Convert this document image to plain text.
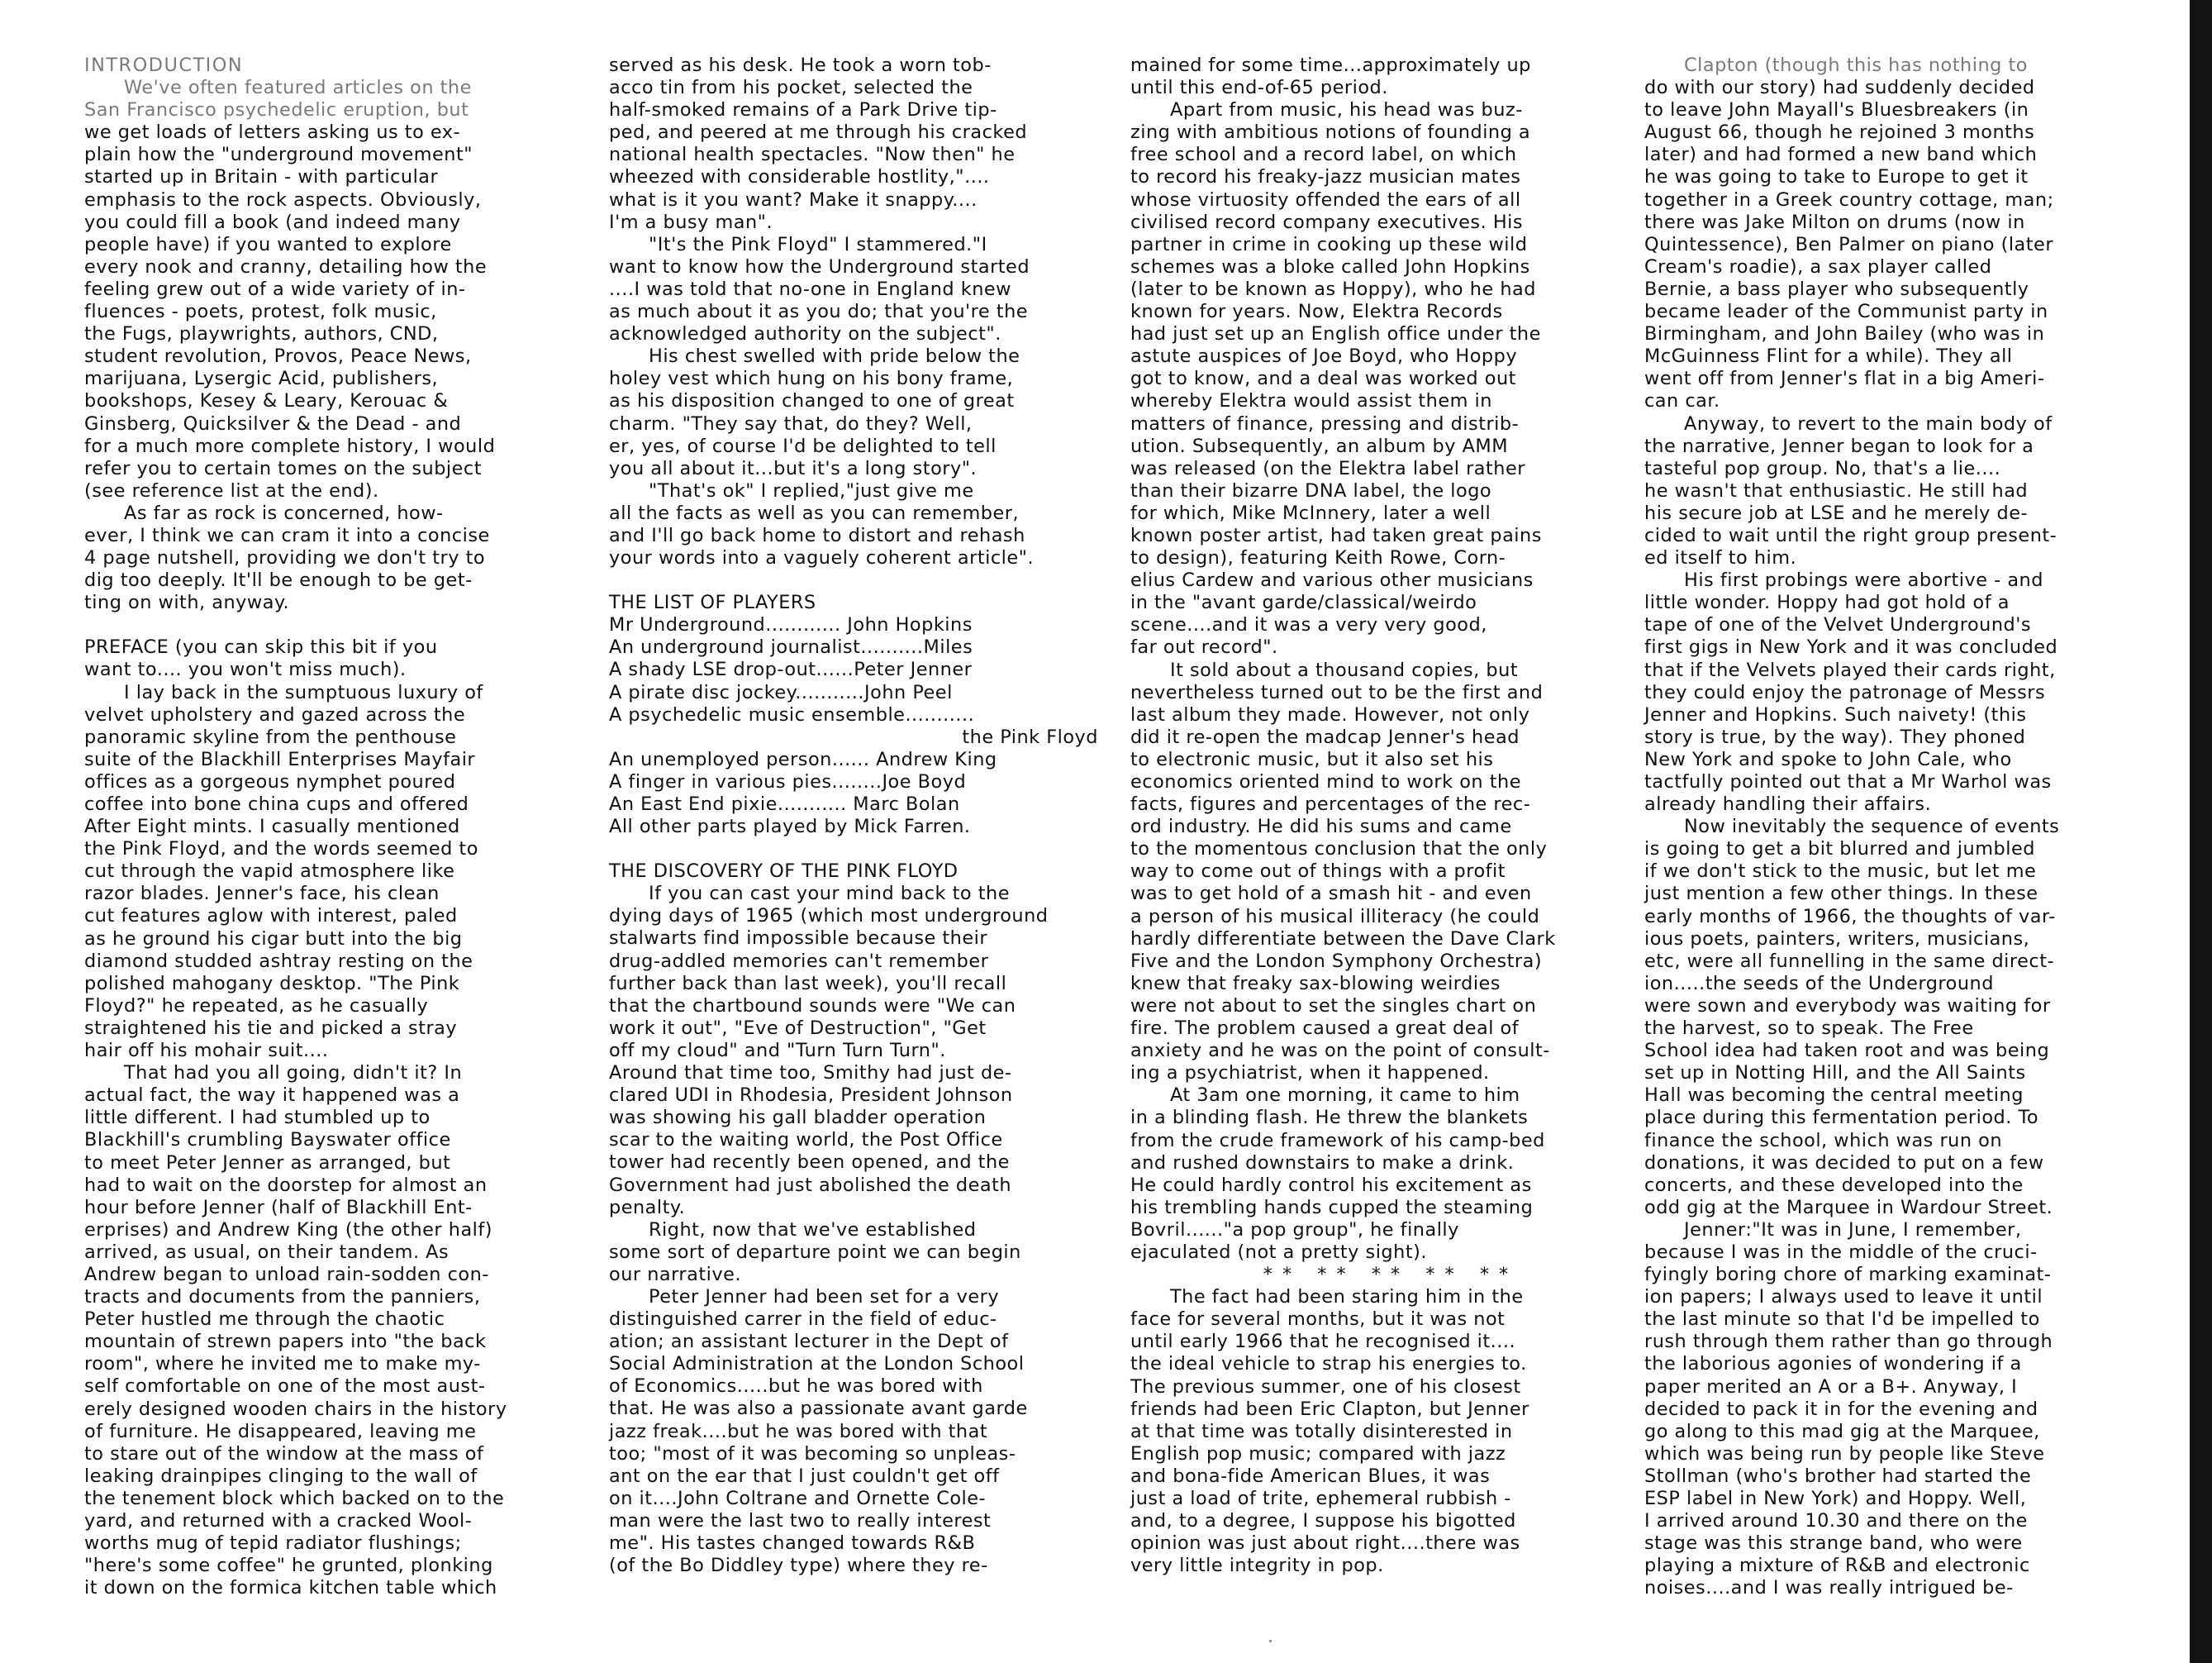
INTRODUCTION

We've often featured articles on the

San Francisco psychedelic eruption, but

we get loads of letters asking us to ex-

plain how the "underground movement"

started up in Britain - with particular

emphasis to the rock aspects. Obviously,

you could fill a book (and indeed many

people have) if you wanted to explore

every nook and cranny, detailing how the

feeling grew out of a wide variety of in-

fluences - poets, protest, folk music,

the Fugs, playwrights, authors, CND,

student revolution, Provos, Peace News,

marijuana, Lysergic Acid, publishers,

bookshops, Kesey & Leary, Kerouac &

Ginsberg, Quicksilver & the Dead - and

for a much more complete history, I would

refer you to certain tomes on the subject

(see reference list at the end).

As far as rock is concerned, how-

ever, I think we can cram it into a concise

4 page nutshell, providing we don't try to

dig too deeply. It'll be enough to be get-

ting on with, anyway.

PREFACE (you can skip this bit if you

want to.... you won't miss much).

I lay back in the sumptuous luxury of

velvet upholstery and gazed across the

panoramic skyline from the penthouse

suite of the Blackhill Enterprises Mayfair

offices as a gorgeous nymphet poured

coffee into bone china cups and offered

After Eight mints. I casually mentioned

the Pink Floyd, and the words seemed to

cut through the vapid atmosphere like

razor blades. Jenner's face, his clean

cut features aglow with interest, paled

as he ground his cigar butt into the big

diamond studded ashtray resting on the

polished mahogany desktop. "The Pink

Floyd?" he repeated, as he casually

straightened his tie and picked a stray

hair off his mohair suit....

That had you all going, didn't it? In

actual fact, the way it happened was a

little different. I had stumbled up to

Blackhill's crumbling Bayswater office

to meet Peter Jenner as arranged, but

had to wait on the doorstep for almost an

hour before Jenner (half of Blackhill Ent-

erprises) and Andrew King (the other half)

arrived, as usual, on their tandem. As

Andrew began to unload rain-sodden con-

tracts and documents from the panniers,

Peter hustled me through the chaotic

mountain of strewn papers into "the back

room", where he invited me to make my-

self comfortable on one of the most aust-

erely designed wooden chairs in the history

of furniture. He disappeared, leaving me

to stare out of the window at the mass of

leaking drainpipes clinging to the wall of

the tenement block which backed on to the

yard, and returned with a cracked Wool-

worths mug of tepid radiator flushings;

"here's some coffee" he grunted, plonking

it down on the formica kitchen table which

served as his desk. He took a worn tob-

acco tin from his pocket, selected the

half-smoked remains of a Park Drive tip-

ped, and peered at me through his cracked

national health spectacles. "Now then" he

wheezed with considerable hostlity,"....

what is it you want? Make it snappy....

I'm a busy man".

"It's the Pink Floyd" I stammered."I

want to know how the Underground started

....I was told that no-one in England knew

as much about it as you do; that you're the

acknowledged authority on the subject".

His chest swelled with pride below the

holey vest which hung on his bony frame,

as his disposition changed to one of great

charm. "They say that, do they? Well,

er, yes, of course I'd be delighted to tell

you all about it...but it's a long story".

"That's ok" I replied,"just give me

all the facts as well as you can remember,

and I'll go back home to distort and rehash

your words into a vaguely coherent article".

THE LIST OF PLAYERS

Mr Underground............ John Hopkins
An underground journalist..........Miles
A shady LSE drop-out......Peter Jenner
A pirate disc jockey...........John Peel
A psychedelic music ensemble...........
the Pink Floyd
An unemployed person...... Andrew King
A finger in various pies........Joe Boyd
An East End pixie........... Marc Bolan
All other parts played by Mick Farren.

THE DISCOVERY OF THE PINK FLOYD

If you can cast your mind back to the

dying days of 1965 (which most underground

stalwarts find impossible because their

drug-addled memories can't remember

further back than last week), you'll recall

that the chartbound sounds were "We can

work it out", "Eve of Destruction", "Get

off my cloud" and "Turn Turn Turn".

Around that time too, Smithy had just de-

clared UDI in Rhodesia, President Johnson

was showing his gall bladder operation

scar to the waiting world, the Post Office

tower had recently been opened, and the

Government had just abolished the death

penalty.

Right, now that we've established

some sort of departure point we can begin

our narrative.

Peter Jenner had been set for a very

distinguished carrer in the field of educ-

ation; an assistant lecturer in the Dept of

Social Administration at the London School

of Economics.....but he was bored with

that. He was also a passionate avant garde

jazz freak....but he was bored with that

too; "most of it was becoming so unpleas-

ant on the ear that I just couldn't get off

on it....John Coltrane and Ornette Cole-

man were the last two to really interest

me". His tastes changed towards R&B

(of the Bo Diddley type) where they re-

mained for some time...approximately up

until this end-of-65 period.

Apart from music, his head was buz-

zing with ambitious notions of founding a

free school and a record label, on which

to record his freaky-jazz musician mates

whose virtuosity offended the ears of all

civilised record company executives. His

partner in crime in cooking up these wild

schemes was a bloke called John Hopkins

(later to be known as Hoppy), who he had

known for years. Now, Elektra Records

had just set up an English office under the

astute auspices of Joe Boyd, who Hoppy

got to know, and a deal was worked out

whereby Elektra would assist them in

matters of finance, pressing and distrib-

ution. Subsequently, an album by AMM

was released (on the Elektra label rather

than their bizarre DNA label, the logo

for which, Mike McInnery, later a well

known poster artist, had taken great pains

to design), featuring Keith Rowe, Corn-

elius Cardew and various other musicians

in the "avant garde/classical/weirdo

scene....and it was a very very good,

far out record".

It sold about a thousand copies, but

nevertheless turned out to be the first and

last album they made. However, not only

did it re-open the madcap Jenner's head

to electronic music, but it also set his

economics oriented mind to work on the

facts, figures and percentages of the rec-

ord industry. He did his sums and came

to the momentous conclusion that the only

way to come out of things with a profit

was to get hold of a smash hit - and even

a person of his musical illiteracy (he could

hardly differentiate between the Dave Clark

Five and the London Symphony Orchestra)

knew that freaky sax-blowing weirdies

were not about to set the singles chart on

fire. The problem caused a great deal of

anxiety and he was on the point of consult-

ing a psychiatrist, when it happened.

At 3am one morning, it came to him

in a blinding flash. He threw the blankets

from the crude framework of his camp-bed

and rushed downstairs to make a drink.

He could hardly control his excitement as

his trembling hands cupped the steaming

Bovril......"a pop group", he finally

ejaculated (not a pretty sight).

** ** ** ** **

The fact had been staring him in the

face for several months, but it was not

until early 1966 that he recognised it....

the ideal vehicle to strap his energies to.

The previous summer, one of his closest

friends had been Eric Clapton, but Jenner

at that time was totally disinterested in

English pop music; compared with jazz

and bona-fide American Blues, it was

just a load of trite, ephemeral rubbish -

and, to a degree, I suppose his bigotted

opinion was just about right....there was

very little integrity in pop.

Clapton (though this has nothing to

do with our story) had suddenly decided

to leave John Mayall's Bluesbreakers (in

August 66, though he rejoined 3 months

later) and had formed a new band which

he was going to take to Europe to get it

together in a Greek country cottage, man;

there was Jake Milton on drums (now in

Quintessence), Ben Palmer on piano (later

Cream's roadie), a sax player called

Bernie, a bass player who subsequently

became leader of the Communist party in

Birmingham, and John Bailey (who was in

McGuinness Flint for a while). They all

went off from Jenner's flat in a big Ameri-

can car.

Anyway, to revert to the main body of

the narrative, Jenner began to look for a

tasteful pop group. No, that's a lie....

he wasn't that enthusiastic. He still had

his secure job at LSE and he merely de-

cided to wait until the right group present-

ed itself to him.

His first probings were abortive - and

little wonder. Hoppy had got hold of a

tape of one of the Velvet Underground's

first gigs in New York and it was concluded

that if the Velvets played their cards right,

they could enjoy the patronage of Messrs

Jenner and Hopkins. Such naivety! (this

story is true, by the way). They phoned

New York and spoke to John Cale, who

tactfully pointed out that a Mr Warhol was

already handling their affairs.

Now inevitably the sequence of events

is going to get a bit blurred and jumbled

if we don't stick to the music, but let me

just mention a few other things. In these

early months of 1966, the thoughts of var-

ious poets, painters, writers, musicians,

etc, were all funnelling in the same direct-

ion.....the seeds of the Underground

were sown and everybody was waiting for

the harvest, so to speak. The Free

School idea had taken root and was being

set up in Notting Hill, and the All Saints

Hall was becoming the central meeting

place during this fermentation period. To

finance the school, which was run on

donations, it was decided to put on a few

concerts, and these developed into the

odd gig at the Marquee in Wardour Street.

Jenner:"It was in June, I remember,

because I was in the middle of the cruci-

fyingly boring chore of marking examinat-

ion papers; I always used to leave it until

the last minute so that I'd be impelled to

rush through them rather than go through

the laborious agonies of wondering if a

paper merited an A or a B+. Anyway, I

decided to pack it in for the evening and

go along to this mad gig at the Marquee,

which was being run by people like Steve

Stollman (who's brother had started the

ESP label in New York) and Hoppy. Well,

I arrived around 10.30 and there on the

stage was this strange band, who were

playing a mixture of R&B and electronic

noises....and I was really intrigued be-
